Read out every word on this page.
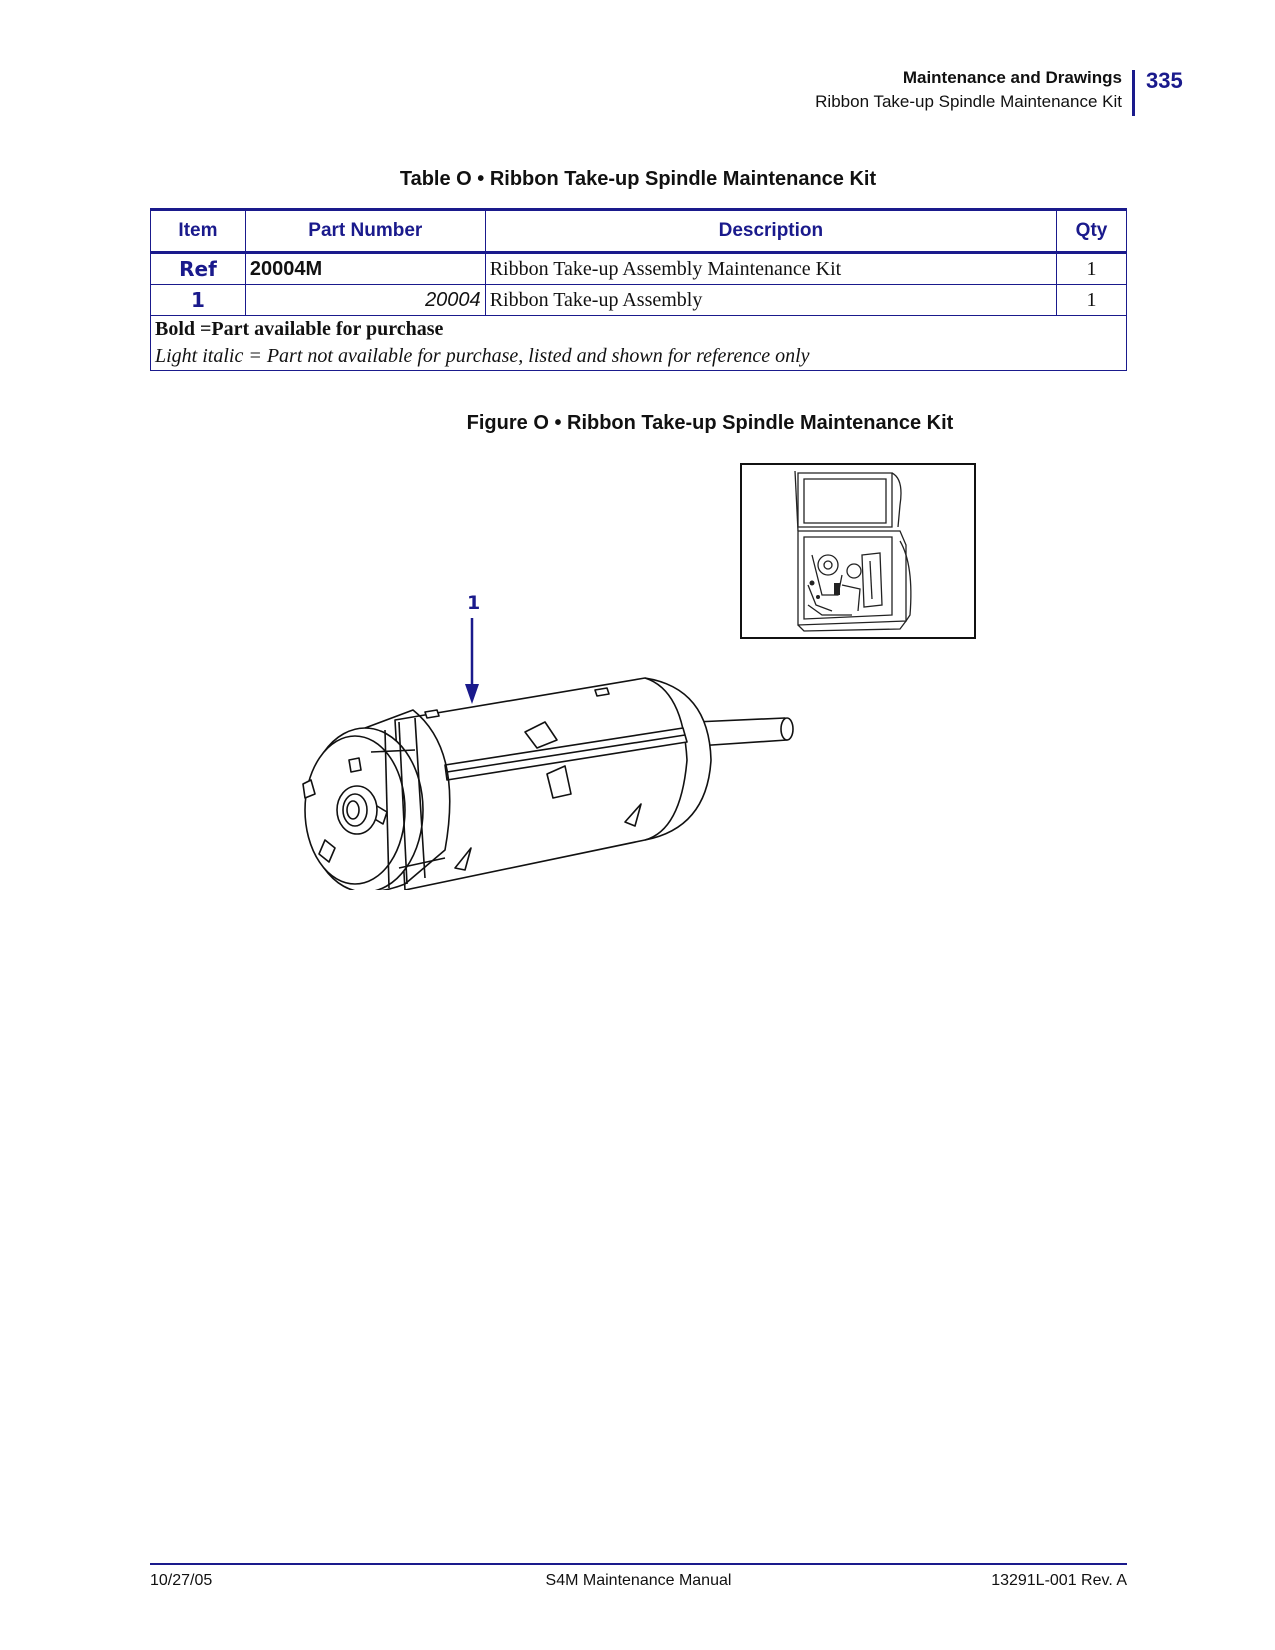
Maintenance and Drawings
Ribbon Take-up Spindle Maintenance Kit
335
Table O • Ribbon Take-up Spindle Maintenance Kit
Item	Part Number	Description	Qty
Ref	20004M	Ribbon Take-up Assembly Maintenance Kit	1
1	20004	Ribbon Take-up Assembly	1

Bold =Part available for purchase
Light italic = Part not available for purchase, listed and shown for reference only			
Figure O • Ribbon Take-up Spindle Maintenance Kit
1
10/27/05	S4M Maintenance Manual	13291L-001 Rev. A
